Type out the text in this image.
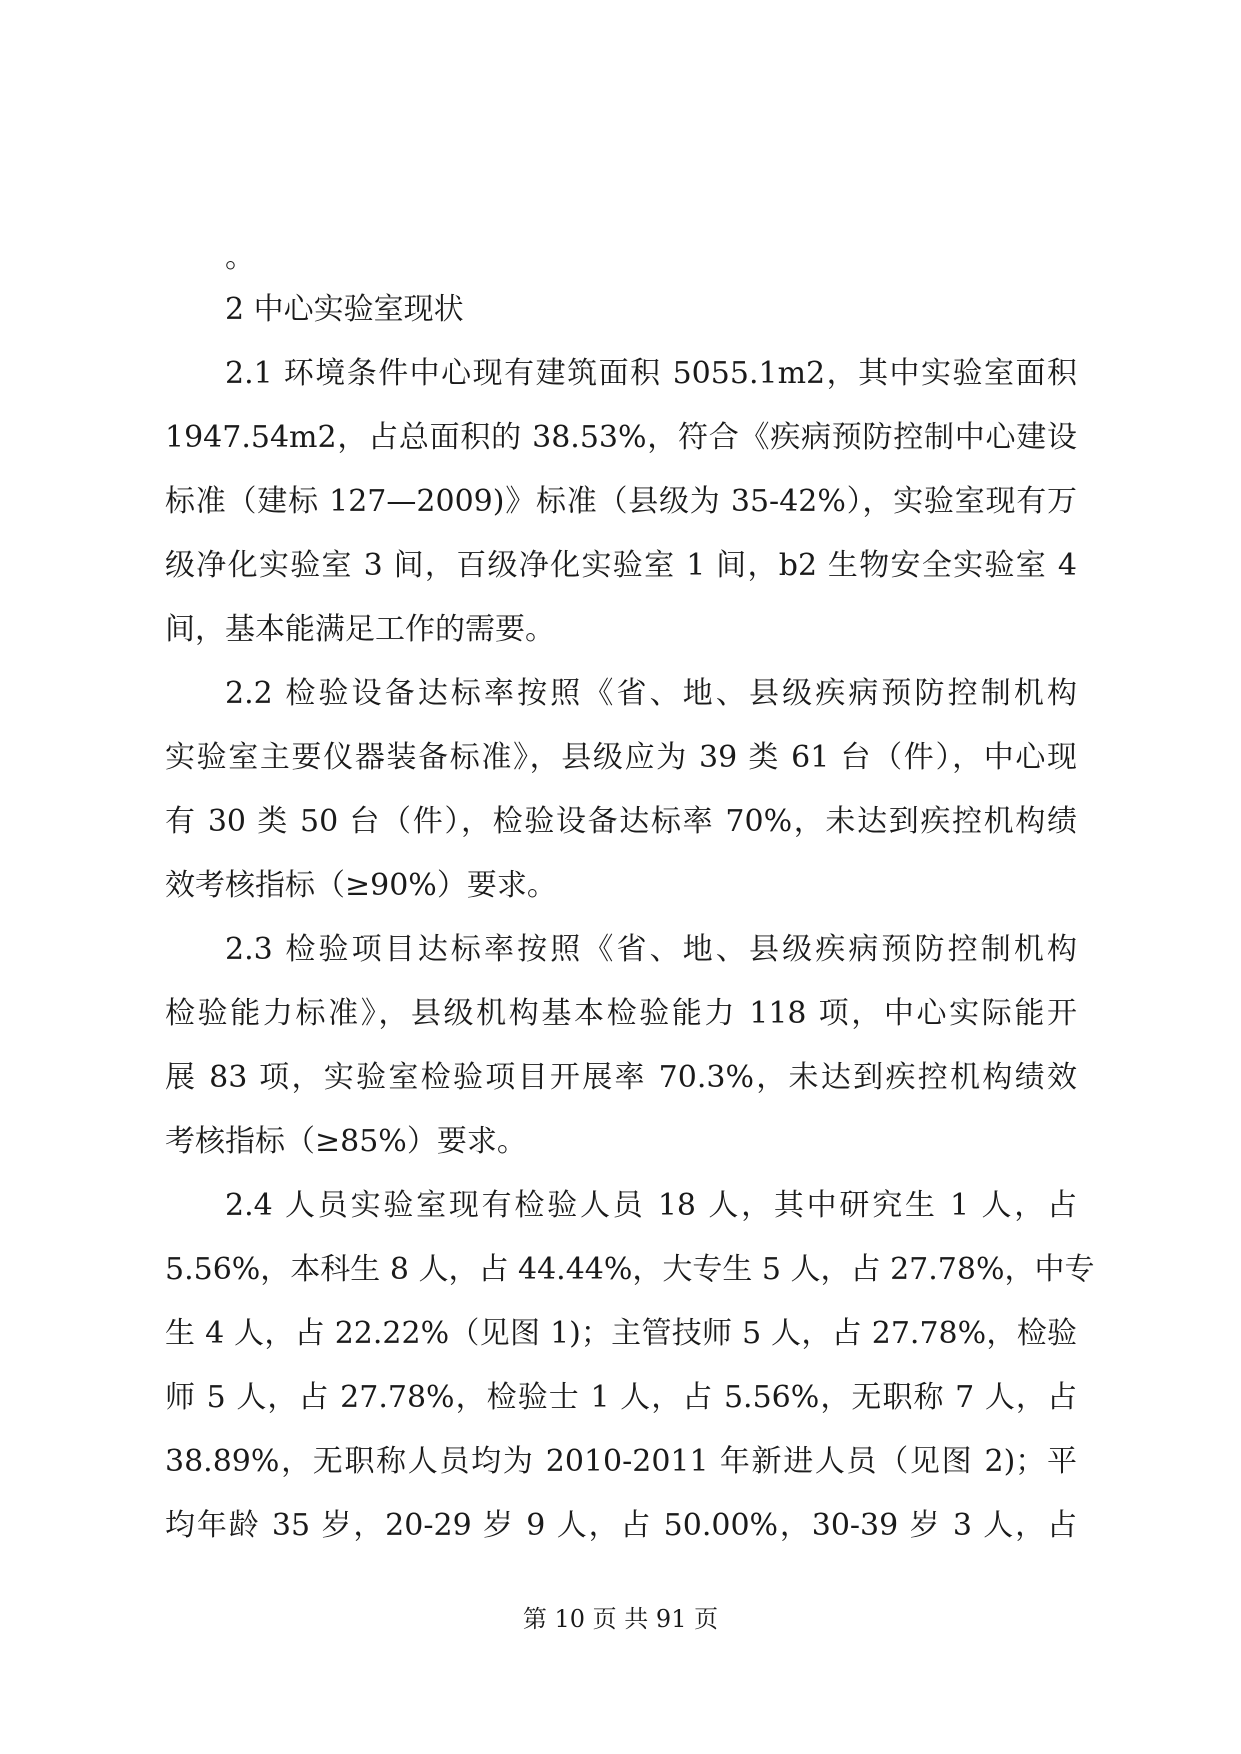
。
2 中心实验室现状
2.1 环境条件中心现有建筑面积 5055.1m2，其中实验室面积
1947.54m2，占总面积的 38.53%，符合《疾病预防控制中心建设
标准（建标 127—2009)》标准（县级为 35-42%），实验室现有万
级净化实验室 3 间，百级净化实验室 1 间，b2 生物安全实验室 4
间，基本能满足工作的需要。
2.2 检验设备达标率按照《省、地、县级疾病预防控制机构
实验室主要仪器装备标准》，县级应为 39 类 61 台（件），中心现
有 30 类 50 台（件），检验设备达标率 70%，未达到疾控机构绩
效考核指标（≥90%）要求。
2.3 检验项目达标率按照《省、地、县级疾病预防控制机构
检验能力标准》，县级机构基本检验能力 118 项，中心实际能开
展 83 项，实验室检验项目开展率 70.3%，未达到疾控机构绩效
考核指标（≥85%）要求。
2.4 人员实验室现有检验人员 18 人，其中研究生 1 人，占
5.56%，本科生 8 人，占 44.44%，大专生 5 人，占 27.78%，中专
生 4 人，占 22.22%（见图 1)；主管技师 5 人，占 27.78%，检验
师 5 人，占 27.78%，检验士 1 人，占 5.56%，无职称 7 人，占
38.89%，无职称人员均为 2010-2011 年新进人员（见图 2)；平
均年龄 35 岁，20-29 岁 9 人，占 50.00%，30-39 岁 3 人，占
第 10 页 共 91 页
